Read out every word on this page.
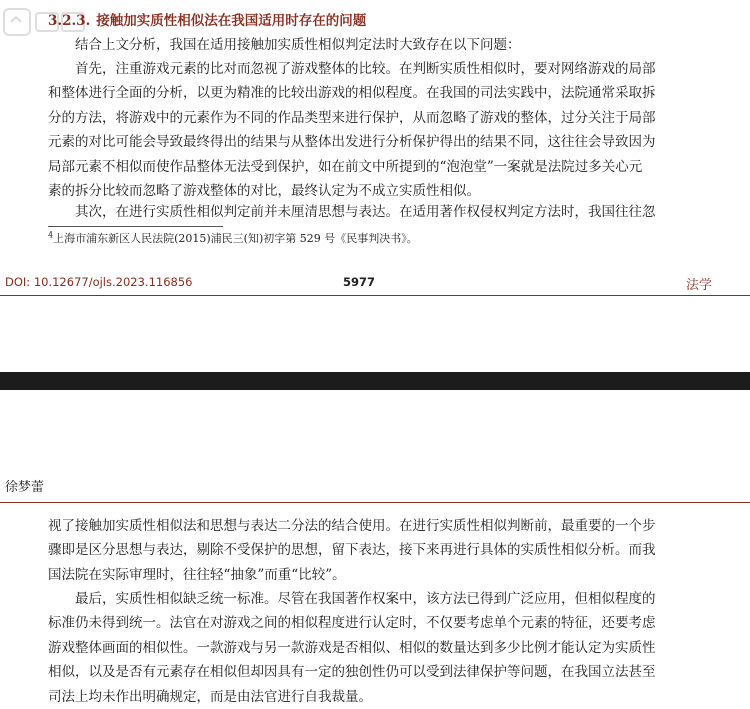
3.2.3. 接触加实质性相似法在我国适用时存在的问题

结合上文分析，我国在适用接触加实质性相似判定法时大致存在以下问题：

首先，注重游戏元素的比对而忽视了游戏整体的比较。在判断实质性相似时，要对网络游戏的局部
和整体进行全面的分析，以更为精准的比较出游戏的相似程度。在我国的司法实践中，法院通常采取拆
分的方法，将游戏中的元素作为不同的作品类型来进行保护，从而忽略了游戏的整体，过分关注于局部
元素的对比可能会导致最终得出的结果与从整体出发进行分析保护得出的结果不同，这往往会导致因为
局部元素不相似而使作品整体无法受到保护，如在前文中所提到的“泡泡堂”一案就是法院过多关心元
素的拆分比较而忽略了游戏整体的对比，最终认定为不成立实质性相似。

其次，在进行实质性相似判定前并未厘清思想与表达。在适用著作权侵权判定方法时，我国往往忽

$^4$上海市浦东新区人民法院(2015)浦民三(知)初字第 529 号《民事判决书》。
DOI: 10.12677/ojls.2023.116856	5977	法学
徐梦蕾

视了接触加实质性相似法和思想与表达二分法的结合使用。在进行实质性相似判断前，最重要的一个步
骤即是区分思想与表达，剔除不受保护的思想，留下表达，接下来再进行具体的实质性相似分析。而我
国法院在实际审理时，往往轻“抽象”而重“比较”。

最后，实质性相似缺乏统一标准。尽管在我国著作权案中，该方法已得到广泛应用，但相似程度的
标准仍未得到统一。法官在对游戏之间的相似程度进行认定时，不仅要考虑单个元素的特征，还要考虑
游戏整体画面的相似性。一款游戏与另一款游戏是否相似、相似的数量达到多少比例才能认定为实质性
相似，以及是否有元素存在相似但却因具有一定的独创性仍可以受到法律保护等问题，在我国立法甚至
司法上均未作出明确规定，而是由法官进行自我裁量。
